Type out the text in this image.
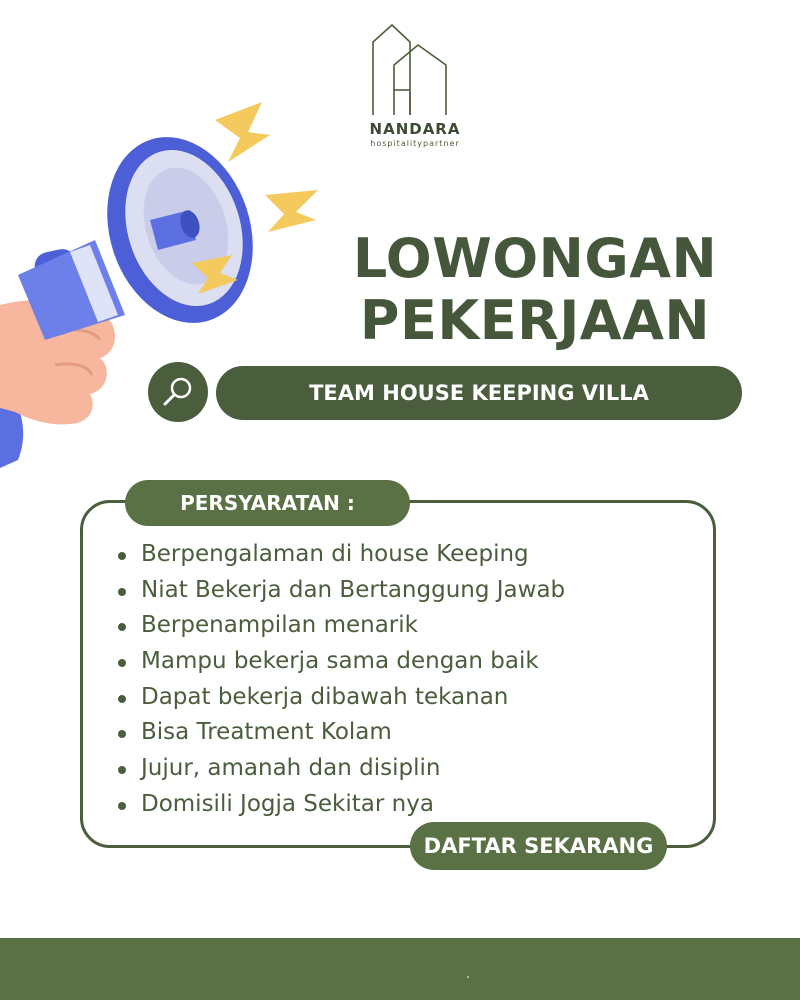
NANDARA
hospitalitypartner
LOWONGAN
PEKERJAAN
TEAM HOUSE KEEPING VILLA
PERSYARATAN :
Berpengalaman di house Keeping
Niat Bekerja dan Bertanggung Jawab
Berpenampilan menarik
Mampu bekerja sama dengan baik
Dapat bekerja dibawah tekanan
Bisa Treatment Kolam
Jujur, amanah dan disiplin
Domisili Jogja Sekitar nya
DAFTAR SEKARANG
